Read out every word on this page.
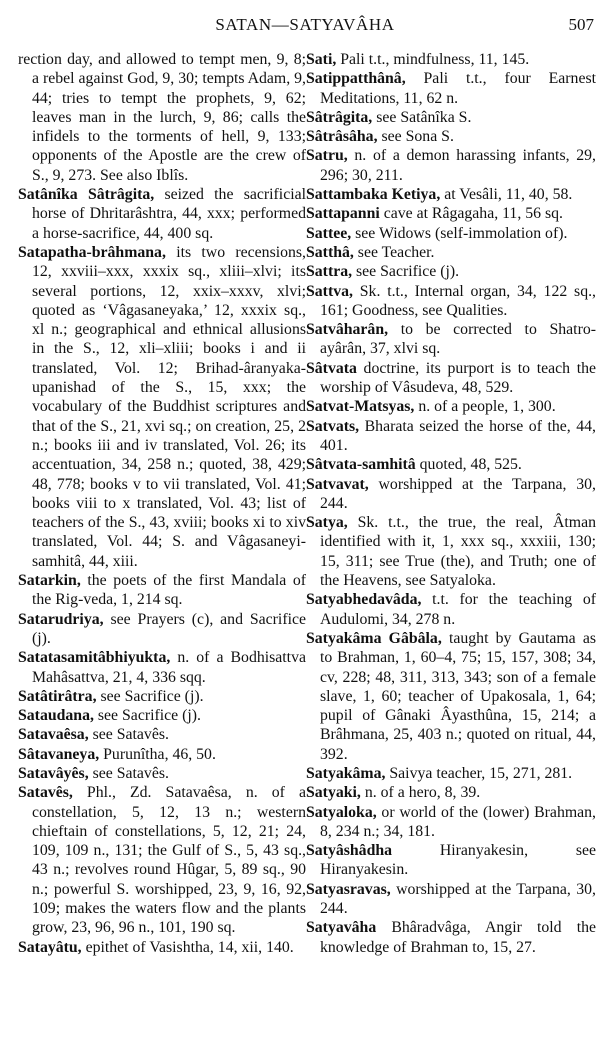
SATAN—SATYAVÂHA	507

rection day, and allowed to tempt men, 9, 8; a rebel against God, 9, 30; tempts Adam, 9, 44; tries to tempt the prophets, 9, 62; leaves man in the lurch, 9, 86; calls the infidels to the torments of hell, 9, 133; opponents of the Apostle are the crew of S., 9, 273. See also Iblîs.

Satânîka Sâtrâgita, seized the sacrificial horse of Dhritarâshtra, 44, xxx; performed a horse-sacrifice, 44, 400 sq.

Satapatha-brâhmana, its two recensions, 12, xxviii–xxx, xxxix sq., xliii–xlvi; its several portions, 12, xxix–xxxv, xlvi; quoted as ‘Vâgasaneyaka,’ 12, xxxix sq., xl n.; geographical and ethnical allusions in the S., 12, xli–xliii; books i and ii translated, Vol. 12; Brihad-âranyaka-upanishad of the S., 15, xxx; the vocabulary of the Buddhist scriptures and that of the S., 21, xvi sq.; on creation, 25, 2 n.; books iii and iv translated, Vol. 26; its accentuation, 34, 258 n.; quoted, 38, 429; 48, 778; books v to vii translated, Vol. 41; books viii to x translated, Vol. 43; list of teachers of the S., 43, xviii; books xi to xiv translated, Vol. 44; S. and Vâgasaneyi-samhitâ, 44, xiii.

Satarkin, the poets of the first Mandala of the Rig-veda, 1, 214 sq.

Satarudriya, see Prayers (c), and Sacrifice (j).

Satatasamitâbhiyukta, n. of a Bodhisattva Mahâsattva, 21, 4, 336 sqq.

Satâtirâtra, see Sacrifice (j).

Sataudana, see Sacrifice (j).

Satavaêsa, see Satavês.

Sâtavaneya, Purunîtha, 46, 50.

Satavâyês, see Satavês.

Satavês, Phl., Zd. Satavaêsa, n. of a constellation, 5, 12, 13 n.; western chieftain of constellations, 5, 12, 21; 24, 109, 109 n., 131; the Gulf of S., 5, 43 sq., 43 n.; revolves round Hûgar, 5, 89 sq., 90 n.; powerful S. worshipped, 23, 9, 16, 92, 109; makes the waters flow and the plants grow, 23, 96, 96 n., 101, 190 sq.

Satayâtu, epithet of Vasishtha, 14, xii, 140.

Sati, Pali t.t., mindfulness, 11, 145.

Satippatthânâ, Pali t.t., four Earnest Meditations, 11, 62 n.

Sâtrâgita, see Satânîka S.

Sâtrâsâha, see Sona S.

Satru, n. of a demon harassing infants, 29, 296; 30, 211.

Sattambaka Ketiya, at Vesâli, 11, 40, 58.

Sattapanni cave at Râgagaha, 11, 56 sq.

Sattee, see Widows (self-immolation of).

Satthâ, see Teacher.

Sattra, see Sacrifice (j).

Sattva, Sk. t.t., Internal organ, 34, 122 sq., 161; Goodness, see Qualities.

Satvâharân, to be corrected to Shatro-ayârân, 37, xlvi sq.

Sâtvata doctrine, its purport is to teach the worship of Vâsudeva, 48, 529.

Satvat-Matsyas, n. of a people, 1, 300.

Satvats, Bharata seized the horse of the, 44, 401.

Sâtvata-samhitâ quoted, 48, 525.

Satvavat, worshipped at the Tarpana, 30, 244.

Satya, Sk. t.t., the true, the real, Âtman identified with it, 1, xxx sq., xxxiii, 130; 15, 311; see True (the), and Truth; one of the Heavens, see Satyaloka.

Satyabhedavâda, t.t. for the teaching of Audulomi, 34, 278 n.

Satyakâma Gâbâla, taught by Gautama as to Brahman, 1, 60–4, 75; 15, 157, 308; 34, cv, 228; 48, 311, 313, 343; son of a female slave, 1, 60; teacher of Upakosala, 1, 64; pupil of Gânaki Âyasthûna, 15, 214; a Brâhmana, 25, 403 n.; quoted on ritual, 44, 392.

Satyakâma, Saivya teacher, 15, 271, 281.

Satyaki, n. of a hero, 8, 39.

Satyaloka, or world of the (lower) Brahman, 8, 234 n.; 34, 181.

Satyâshâdha Hiranyakesin, see Hiranyakesin.

Satyasravas, worshipped at the Tarpana, 30, 244.

Satyavâha Bhâradvâga, Angir told the knowledge of Brahman to, 15, 27.
